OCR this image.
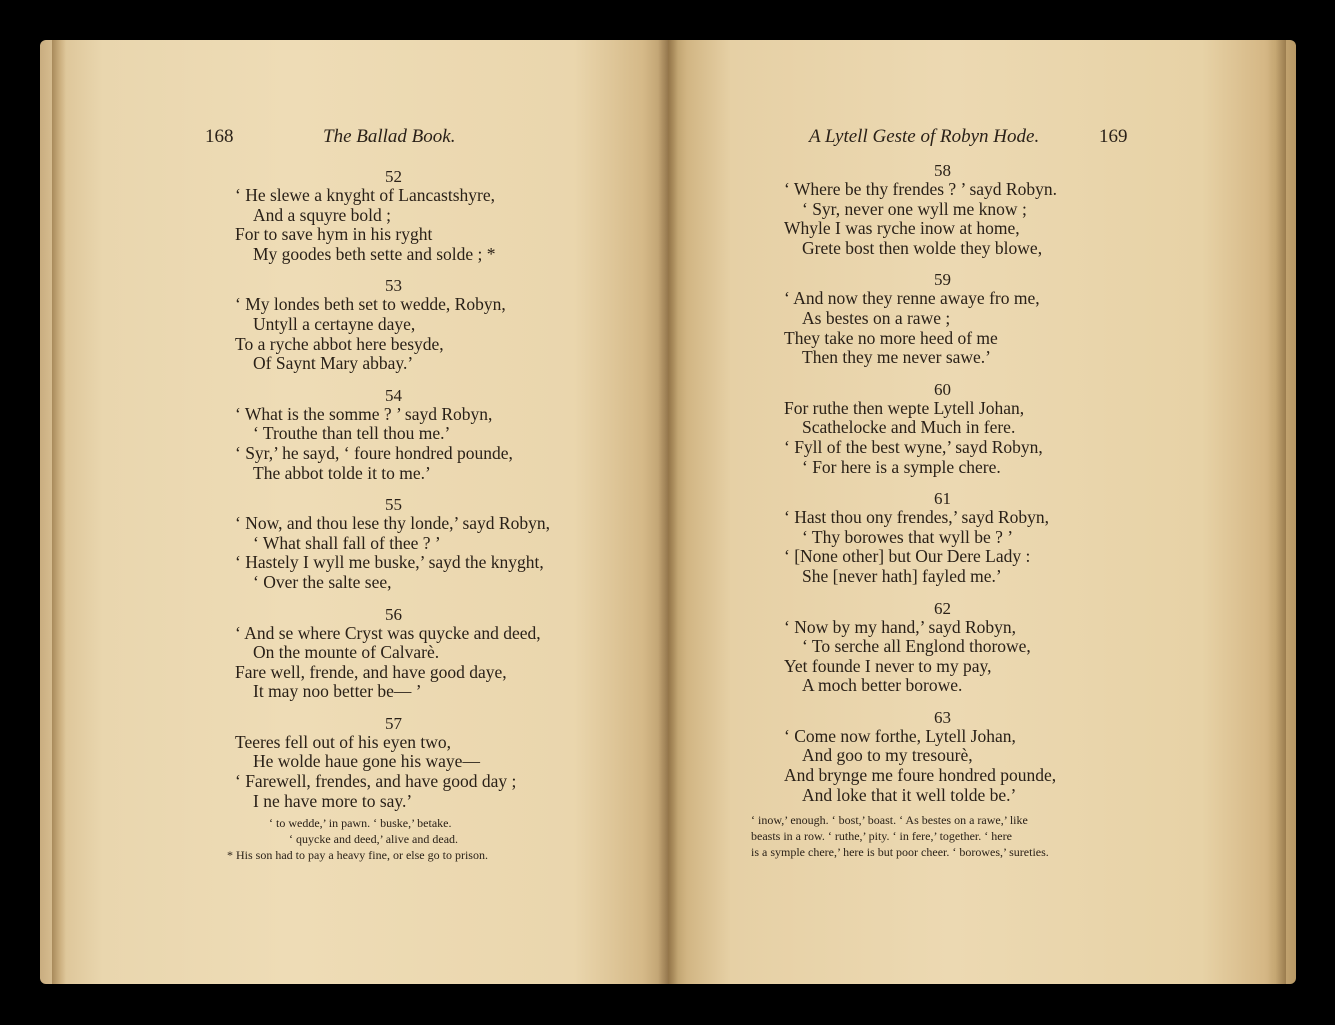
168	The Ballad Book.
52
‘ He slewe a knyght of Lancastshyre,
And a squyre bold ;
For to save hym in his ryght
My goodes beth sette and solde ; *
53
‘ My londes beth set to wedde, Robyn,
Untyll a certayne daye,
To a ryche abbot here besyde,
Of Saynt Mary abbay.’
54
‘ What is the somme ? ’ sayd Robyn,
‘ Trouthe than tell thou me.’
‘ Syr,’ he sayd, ‘ foure hondred pounde,
The abbot tolde it to me.’
55
‘ Now, and thou lese thy londe,’ sayd Robyn,
‘ What shall fall of thee ? ’
‘ Hastely I wyll me buske,’ sayd the knyght,
‘ Over the salte see,
56
‘ And se where Cryst was quycke and deed,
On the mounte of Calvarè.
Fare well, frende, and have good daye,
It may noo better be— ’
57
Teeres fell out of his eyen two,
He wolde haue gone his waye—
‘ Farewell, frendes, and have good day ;
I ne have more to say.’
‘ to wedde,’ in pawn. ‘ buske,’ betake.
‘ quycke and deed,’ alive and dead.
* His son had to pay a heavy fine, or else go to prison.
A Lytell Geste of Robyn Hode.	169
58
‘ Where be thy frendes ? ’ sayd Robyn.
‘ Syr, never one wyll me know ;
Whyle I was ryche inow at home,
Grete bost then wolde they blowe,
59
‘ And now they renne awaye fro me,
As bestes on a rawe ;
They take no more heed of me
Then they me never sawe.’
60
For ruthe then wepte Lytell Johan,
Scathelocke and Much in fere.
‘ Fyll of the best wyne,’ sayd Robyn,
‘ For here is a symple chere.
61
‘ Hast thou ony frendes,’ sayd Robyn,
‘ Thy borowes that wyll be ? ’
‘ [None other] but Our Dere Lady :
She [never hath] fayled me.’
62
‘ Now by my hand,’ sayd Robyn,
‘ To serche all Englond thorowe,
Yet founde I never to my pay,
A moch better borowe.
63
‘ Come now forthe, Lytell Johan,
And goo to my tresourè,
And brynge me foure hondred pounde,
And loke that it well tolde be.’
‘ inow,’ enough. ‘ bost,’ boast. ‘ As bestes on a rawe,’ like
beasts in a row. ‘ ruthe,’ pity. ‘ in fere,’ together. ‘ here
is a symple chere,’ here is but poor cheer. ‘ borowes,’ sureties.
